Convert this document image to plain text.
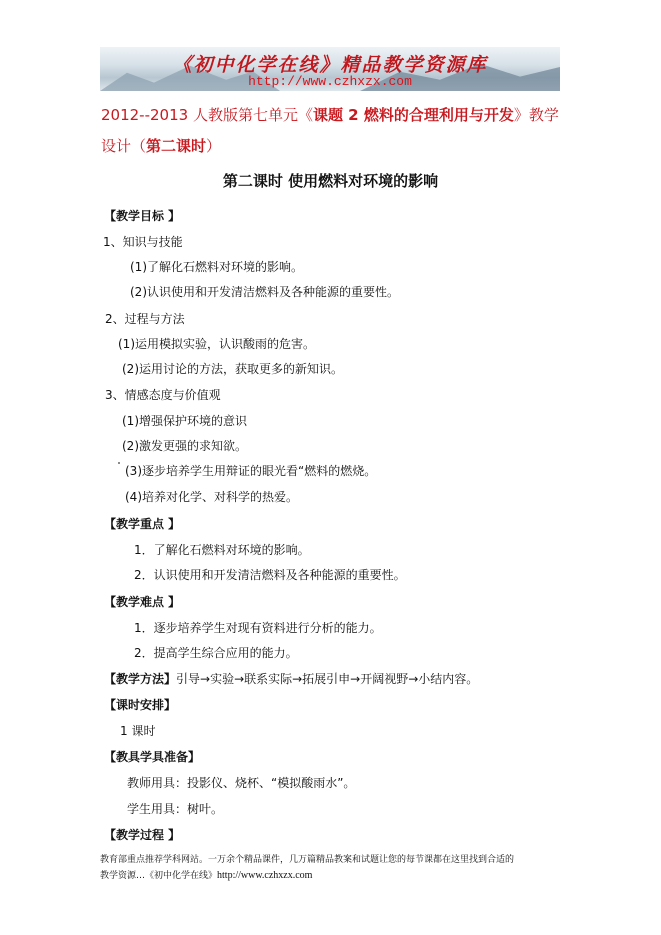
《初中化学在线》精品教学资源库
http://www.czhxzx.com
2012--2013 人教版第七单元《课题 2 燃料的合理利用与开发》教学设计（第二课时）
第二课时 使用燃料对环境的影响
【教学目标 】
1、知识与技能
(1)了解化石燃料对环境的影响。
(2)认识使用和开发清洁燃料及各种能源的重要性。
2、过程与方法
(1)运用模拟实验，认识酸雨的危害。
(2)运用讨论的方法，获取更多的新知识。
3、情感态度与价值观
(1)增强保护环境的意识
(2)激发更强的求知欲。
(3)逐步培养学生用辩证的眼光看“燃料的燃烧。
(4)培养对化学、对科学的热爱。
【教学重点 】
1．了解化石燃料对环境的影响。
2．认识使用和开发清洁燃料及各种能源的重要性。
【教学难点 】
1．逐步培养学生对现有资料进行分析的能力。
2．提高学生综合应用的能力。
【教学方法】引导→实验→联系实际→拓展引申→开阔视野→小结内容。
【课时安排】
1 课时
【教具学具准备】
教师用具：投影仪、烧杯、“模拟酸雨水”。
学生用具：树叶。
【教学过程 】
教育部重点推荐学科网站。一万余个精品课件，几万篇精品教案和试题让您的每节课都在这里找到合适的
教学资源…《初中化学在线》http://www.czhxzx.com
